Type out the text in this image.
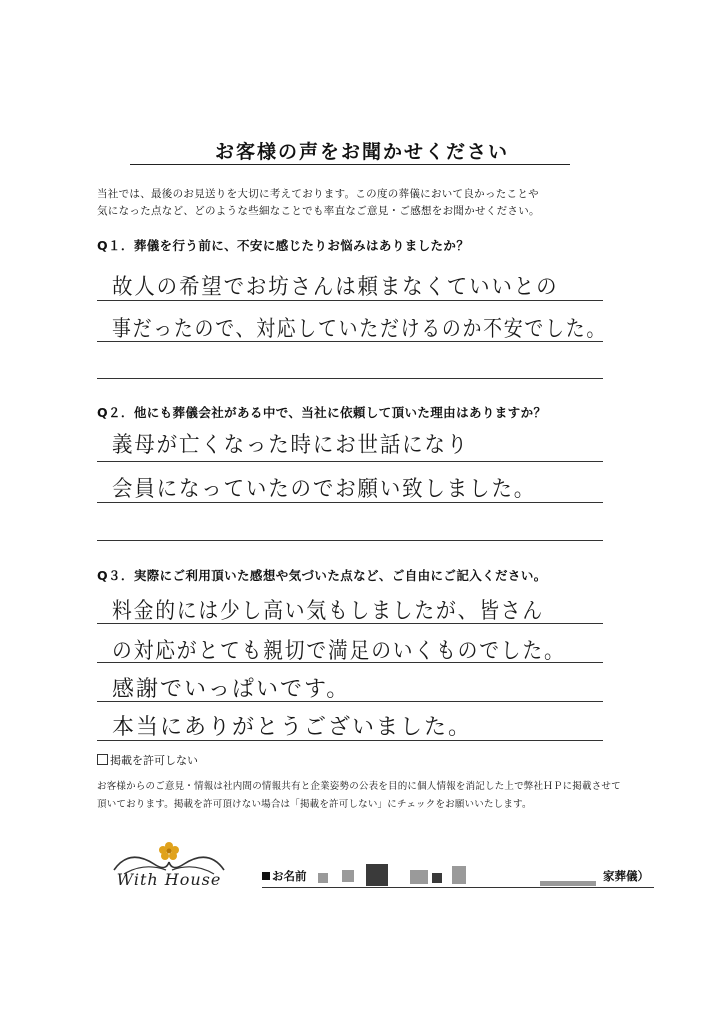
お客様の声をお聞かせください
当社では、最後のお見送りを大切に考えております。この度の葬儀において良かったことや
気になった点など、どのような些細なことでも率直なご意見・ご感想をお聞かせください。
Q１．葬儀を行う前に、不安に感じたりお悩みはありましたか？
故人の希望でお坊さんは頼まなくていいとの
事だったので、対応していただけるのか不安でした。
Q２．他にも葬儀会社がある中で、当社に依頼して頂いた理由はありますか？
義母が亡くなった時にお世話になり
会員になっていたのでお願い致しました。
Q３．実際にご利用頂いた感想や気づいた点など、ご自由にご記入ください。
料金的には少し高い気もしましたが、皆さん
の対応がとても親切で満足のいくものでした。
感謝でいっぱいです。
本当にありがとうございました。
掲載を許可しない
お客様からのご意見・情報は社内間の情報共有と企業姿勢の公表を目的に個人情報を消記した上で弊社ＨＰに掲載させて
頂いております。掲載を許可頂けない場合は「掲載を許可しない」にチェックをお願いいたします。
With House	お名前	家葬儀）
